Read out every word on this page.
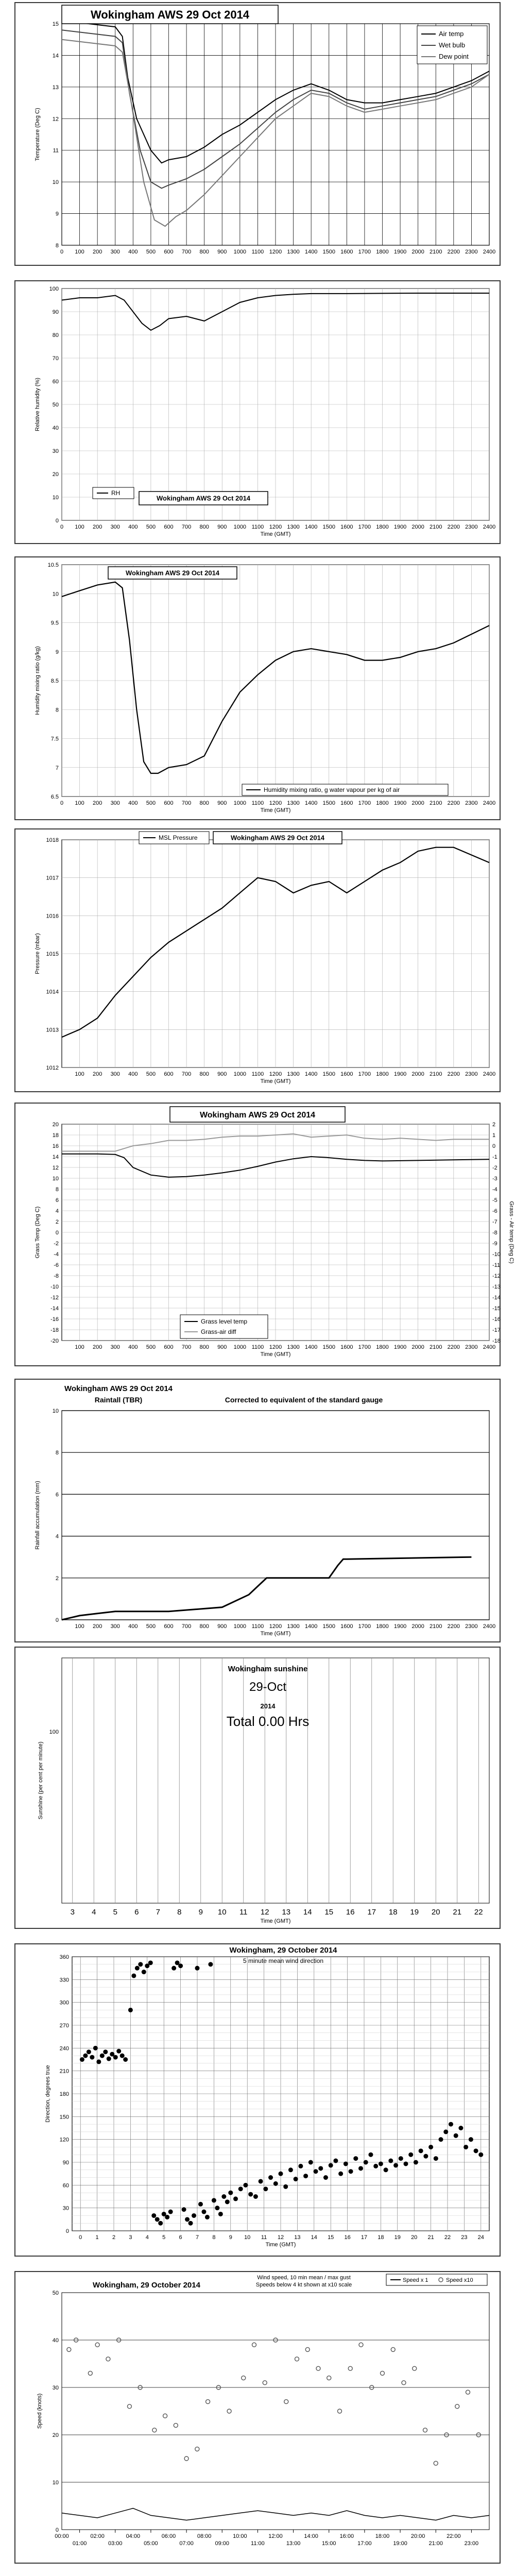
8
9
10
11
12
13
14
15
0 100 200 300 400 500 600 700 800 900 1000 1100 1200 1300 1400 1500 1600 1700 1800 1900 2000 2100 2200 2300 2400
Temperature (Deg C)
Wokingham AWS 29 Oct 2014
Air temp
Wet bulb
Dew point
0
10
20
30
40
50
60
70
80
90
100
0 100 200 300 400 500 600 700 800 900 1000 1100 1200 1300 1400 1500 1600 1700 1800 1900 2000 2100 2200 2300 2400
Time (GMT)
Relative humidity (%)
RH
Wokingham AWS 29 Oct 2014
6.5
7
7.5
8
8.5
9
9.5
10
10.5
0 100 200 300 400 500 600 700 800 900 1000 1100 1200 1300 1400 1500 1600 1700 1800 1900 2000 2100 2200 2300 2400
Time (GMT)
Humidity mixing ratio (g/kg)
Wokingham AWS 29 Oct 2014
Humidity mixing ratio, g water vapour per kg of air
1012
1013
1014
1015
1016
1017
1018
100 200 300 400 500 600 700 800 900 1000 1100 1200 1300 1400 1500 1600 1700 1800 1900 2000 2100 2200 2300 2400
Time (GMT)
Pressure (mbar)
MSL Pressure	Wokingham AWS 29 Oct 2014
-20
-18
-16
-14
-12
-10
-8
-6
-4
-2
0
2
4
6
8
10
12
14
16
18
20
100 200 300 400 500 600 700 800 900 1000 1100 1200 1300 1400 1500 1600 1700 1800 1900 2000 2100 2200 2300 2400
Time (GMT)
Grass Temp (Deg C)
-18
-17
-16
-15
-14
-13
-12
-11
-10
-9
-8
-7
-6
-5
-4
-3
-2
-1
0
1
2
Grass - Air temp (Deg C)
Wokingham AWS 29 Oct 2014
Grass level temp
Grass-air diff
0
2
4
6
8
10
100 200 300 400 500 600 700 800 900 1000 1100 1200 1300 1400 1500 1600 1700 1800 1900 2000 2100 2200 2300 2400
Time (GMT)
Rainfall accumulation (mm)
Wokingham AWS 29 Oct 2014
Raintall (TBR)	Corrected to equivalent of the standard gauge
3 4 5 6 7 8 9 10 11 12 13 14 15 16 17 18 19 20 21 22
100
Time (GMT)
Sunshine (per cent per minute)
Wokingham sunshine
29-Oct
2014
Total 0.00 Hrs
0
30
60
90
120
150
180
210
240
270
300
330
360
0 1 2 3 4 5 6 7 8 9 10 11 12 13 14 15 16 17 18 19 20 21 22 23 24
Time (GMT)
Direction, degrees true
Wokingham, 29 October 2014
5 minute mean wind direction
0
10
20
30
40
50
00:00	02:00	04:00	06:00	08:00	10:00	12:00	14:00	16:00	18:00	20:00	22:00
01:00	03:00	05:00	07:00	09:00	11:00	13:00	15:00	17:00	19:00	21:00	23:00
Speed (knots)
Wokingham, 29 October 2014
Wind speed, 10 min mean / max gust
Speeds below 4 kt shown at x10 scale
Speed x 1	Speed x10
